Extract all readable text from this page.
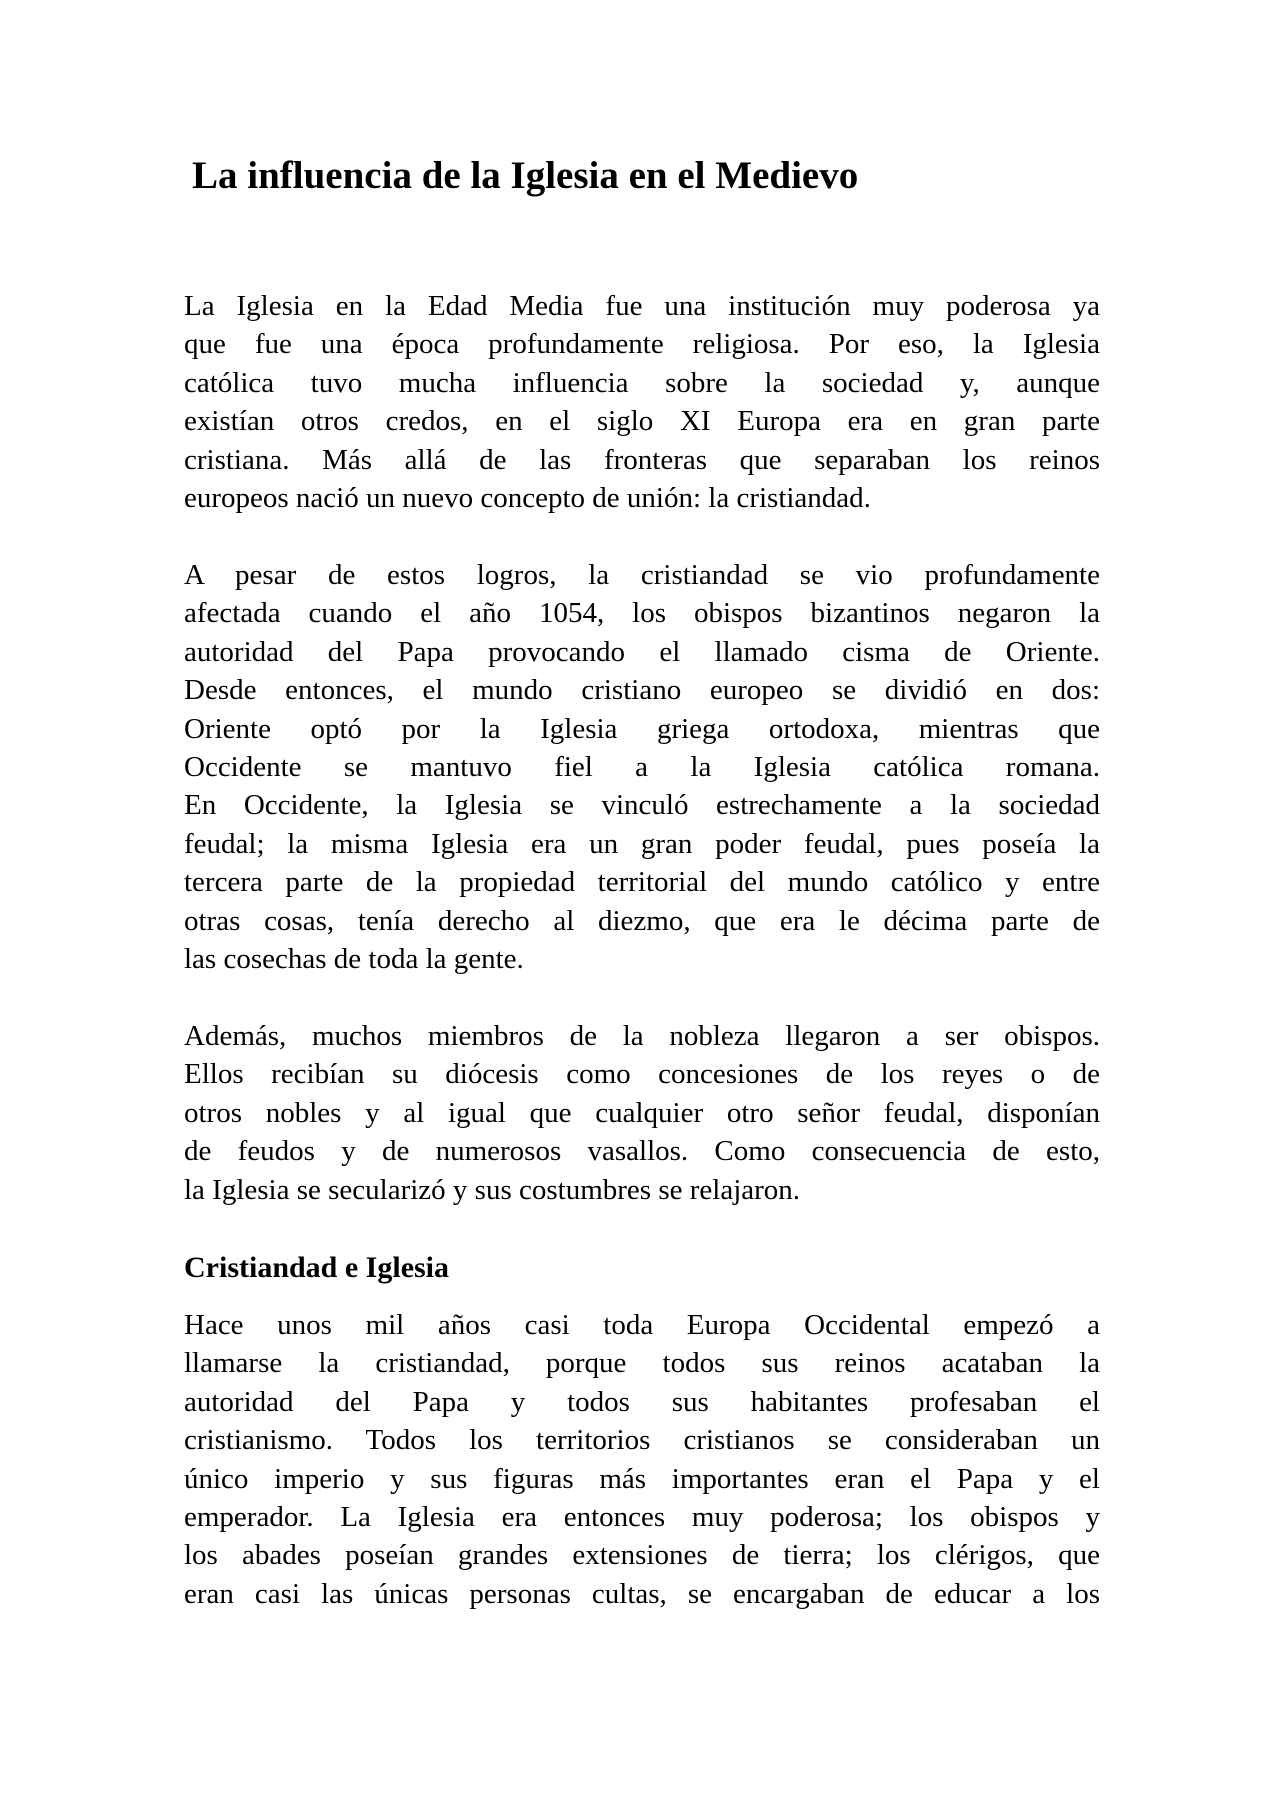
La influencia de la Iglesia en el Medievo
La Iglesia en la Edad Media fue una institución muy poderosa ya
que fue una época profundamente religiosa. Por eso, la Iglesia
católica tuvo mucha influencia sobre la sociedad y, aunque
existían otros credos, en el siglo XI Europa era en gran parte
cristiana. Más allá de las fronteras que separaban los reinos
europeos nació un nuevo concepto de unión: la cristiandad.
A pesar de estos logros, la cristiandad se vio profundamente
afectada cuando el año 1054, los obispos bizantinos negaron la
autoridad del Papa provocando el llamado cisma de Oriente.
Desde entonces, el mundo cristiano europeo se dividió en dos:
Oriente optó por la Iglesia griega ortodoxa, mientras que
Occidente se mantuvo fiel a la Iglesia católica romana.
En Occidente, la Iglesia se vinculó estrechamente a la sociedad
feudal; la misma Iglesia era un gran poder feudal, pues poseía la
tercera parte de la propiedad territorial del mundo católico y entre
otras cosas, tenía derecho al diezmo, que era le décima parte de
las cosechas de toda la gente.
Además, muchos miembros de la nobleza llegaron a ser obispos.
Ellos recibían su diócesis como concesiones de los reyes o de
otros nobles y al igual que cualquier otro señor feudal, disponían
de feudos y de numerosos vasallos. Como consecuencia de esto,
la Iglesia se secularizó y sus costumbres se relajaron.
Cristiandad e Iglesia
Hace unos mil años casi toda Europa Occidental empezó a
llamarse la cristiandad, porque todos sus reinos acataban la
autoridad del Papa y todos sus habitantes profesaban el
cristianismo. Todos los territorios cristianos se consideraban un
único imperio y sus figuras más importantes eran el Papa y el
emperador. La Iglesia era entonces muy poderosa; los obispos y
los abades poseían grandes extensiones de tierra; los clérigos, que
eran casi las únicas personas cultas, se encargaban de educar a los
